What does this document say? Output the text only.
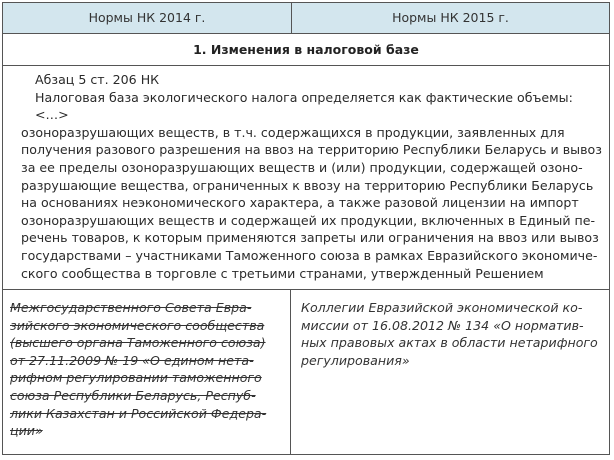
Нормы НК 2014 г.	Нормы НК 2015 г.
1. Изменения в налоговой базе
Абзац 5 ст. 206 НК
Налоговая база экологического налога определяется как фактические объемы:
<…>
озоноразрушающих веществ, в т.ч. содержащихся в продукции, заявленных для
получения разового разрешения на ввоз на территорию Республики Беларусь и вывоз
за ее пределы озоноразрушающих веществ и (или) продукции, содержащей озоно-
разрушающие вещества, ограниченных к ввозу на территорию Республики Беларусь
на основаниях неэкономического характера, а также разовой лицензии на импорт
озоноразрушающих веществ и содержащей их продукции, включенных в Единый пе-
речень товаров, к которым применяются запреты или ограничения на ввоз или вывоз
государствами – участниками Таможенного союза в рамках Евразийского экономиче-
ского сообщества в торговле с третьими странами, утвержденный Решением
Межгосударственного Совета Евра-
зийского экономического сообщества
(высшего органа Таможенного союза)
от 27.11.2009 № 19 «О едином нета-
рифном регулировании таможенного
союза Республики Беларусь, Респуб-
лики Казахстан и Российской Федера-
ции»
Коллегии Евразийской экономической ко-
миссии от 16.08.2012 № 134 «О норматив-
ных правовых актах в области нетарифного
регулирования»
